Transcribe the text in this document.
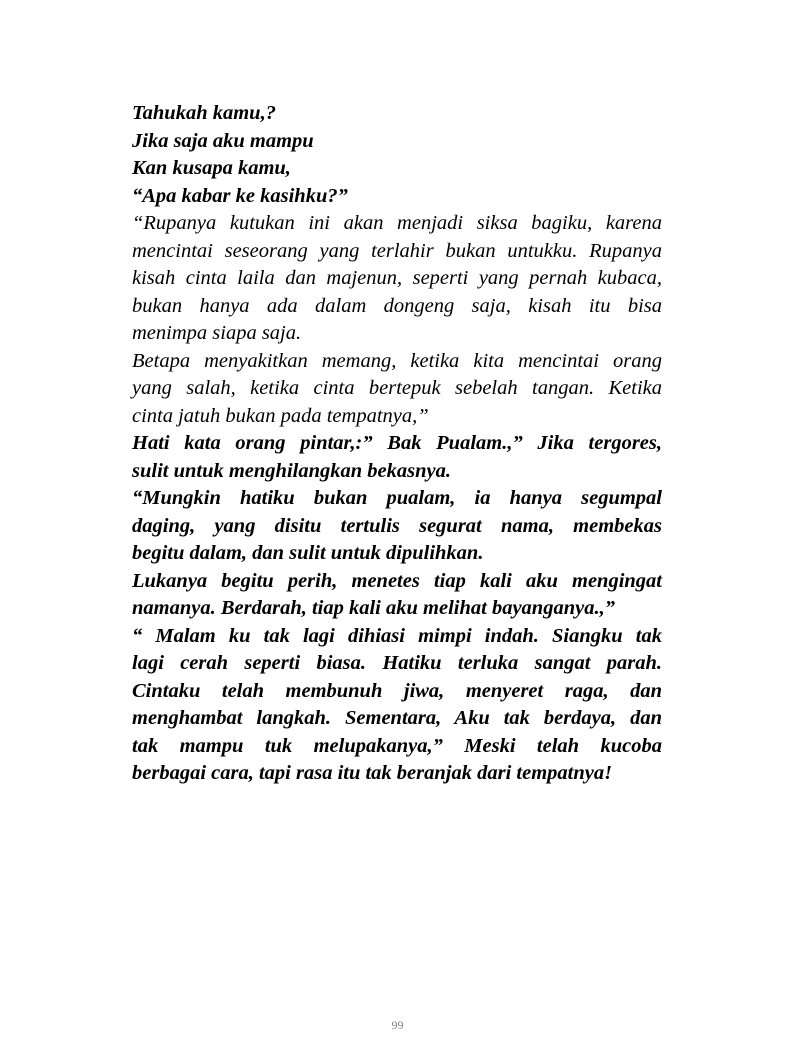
Tahukah kamu,?
Jika saja aku mampu
Kan kusapa kamu,
“Apa kabar ke kasihku?”
“Rupanya kutukan ini akan menjadi siksa bagiku, karena
mencintai seseorang yang terlahir bukan untukku. Rupanya
kisah cinta laila dan majenun, seperti yang pernah kubaca,
bukan hanya ada dalam dongeng saja, kisah itu bisa
menimpa siapa saja.
Betapa menyakitkan memang, ketika kita mencintai orang
yang salah, ketika cinta bertepuk sebelah tangan. Ketika
cinta jatuh bukan pada tempatnya,”
Hati kata orang pintar,:” Bak Pualam.,” Jika tergores,
sulit untuk menghilangkan bekasnya.
“Mungkin hatiku bukan pualam, ia hanya segumpal
daging, yang disitu tertulis segurat nama, membekas
begitu dalam, dan sulit untuk dipulihkan.
Lukanya begitu perih, menetes tiap kali aku mengingat
namanya. Berdarah, tiap kali aku melihat bayanganya.,”
“ Malam ku tak lagi dihiasi mimpi indah. Siangku tak
lagi cerah seperti biasa. Hatiku terluka sangat parah.
Cintaku telah membunuh jiwa, menyeret raga, dan
menghambat langkah. Sementara, Aku tak berdaya, dan
tak mampu tuk melupakanya,” Meski telah kucoba
berbagai cara, tapi rasa itu tak beranjak dari tempatnya!
99
